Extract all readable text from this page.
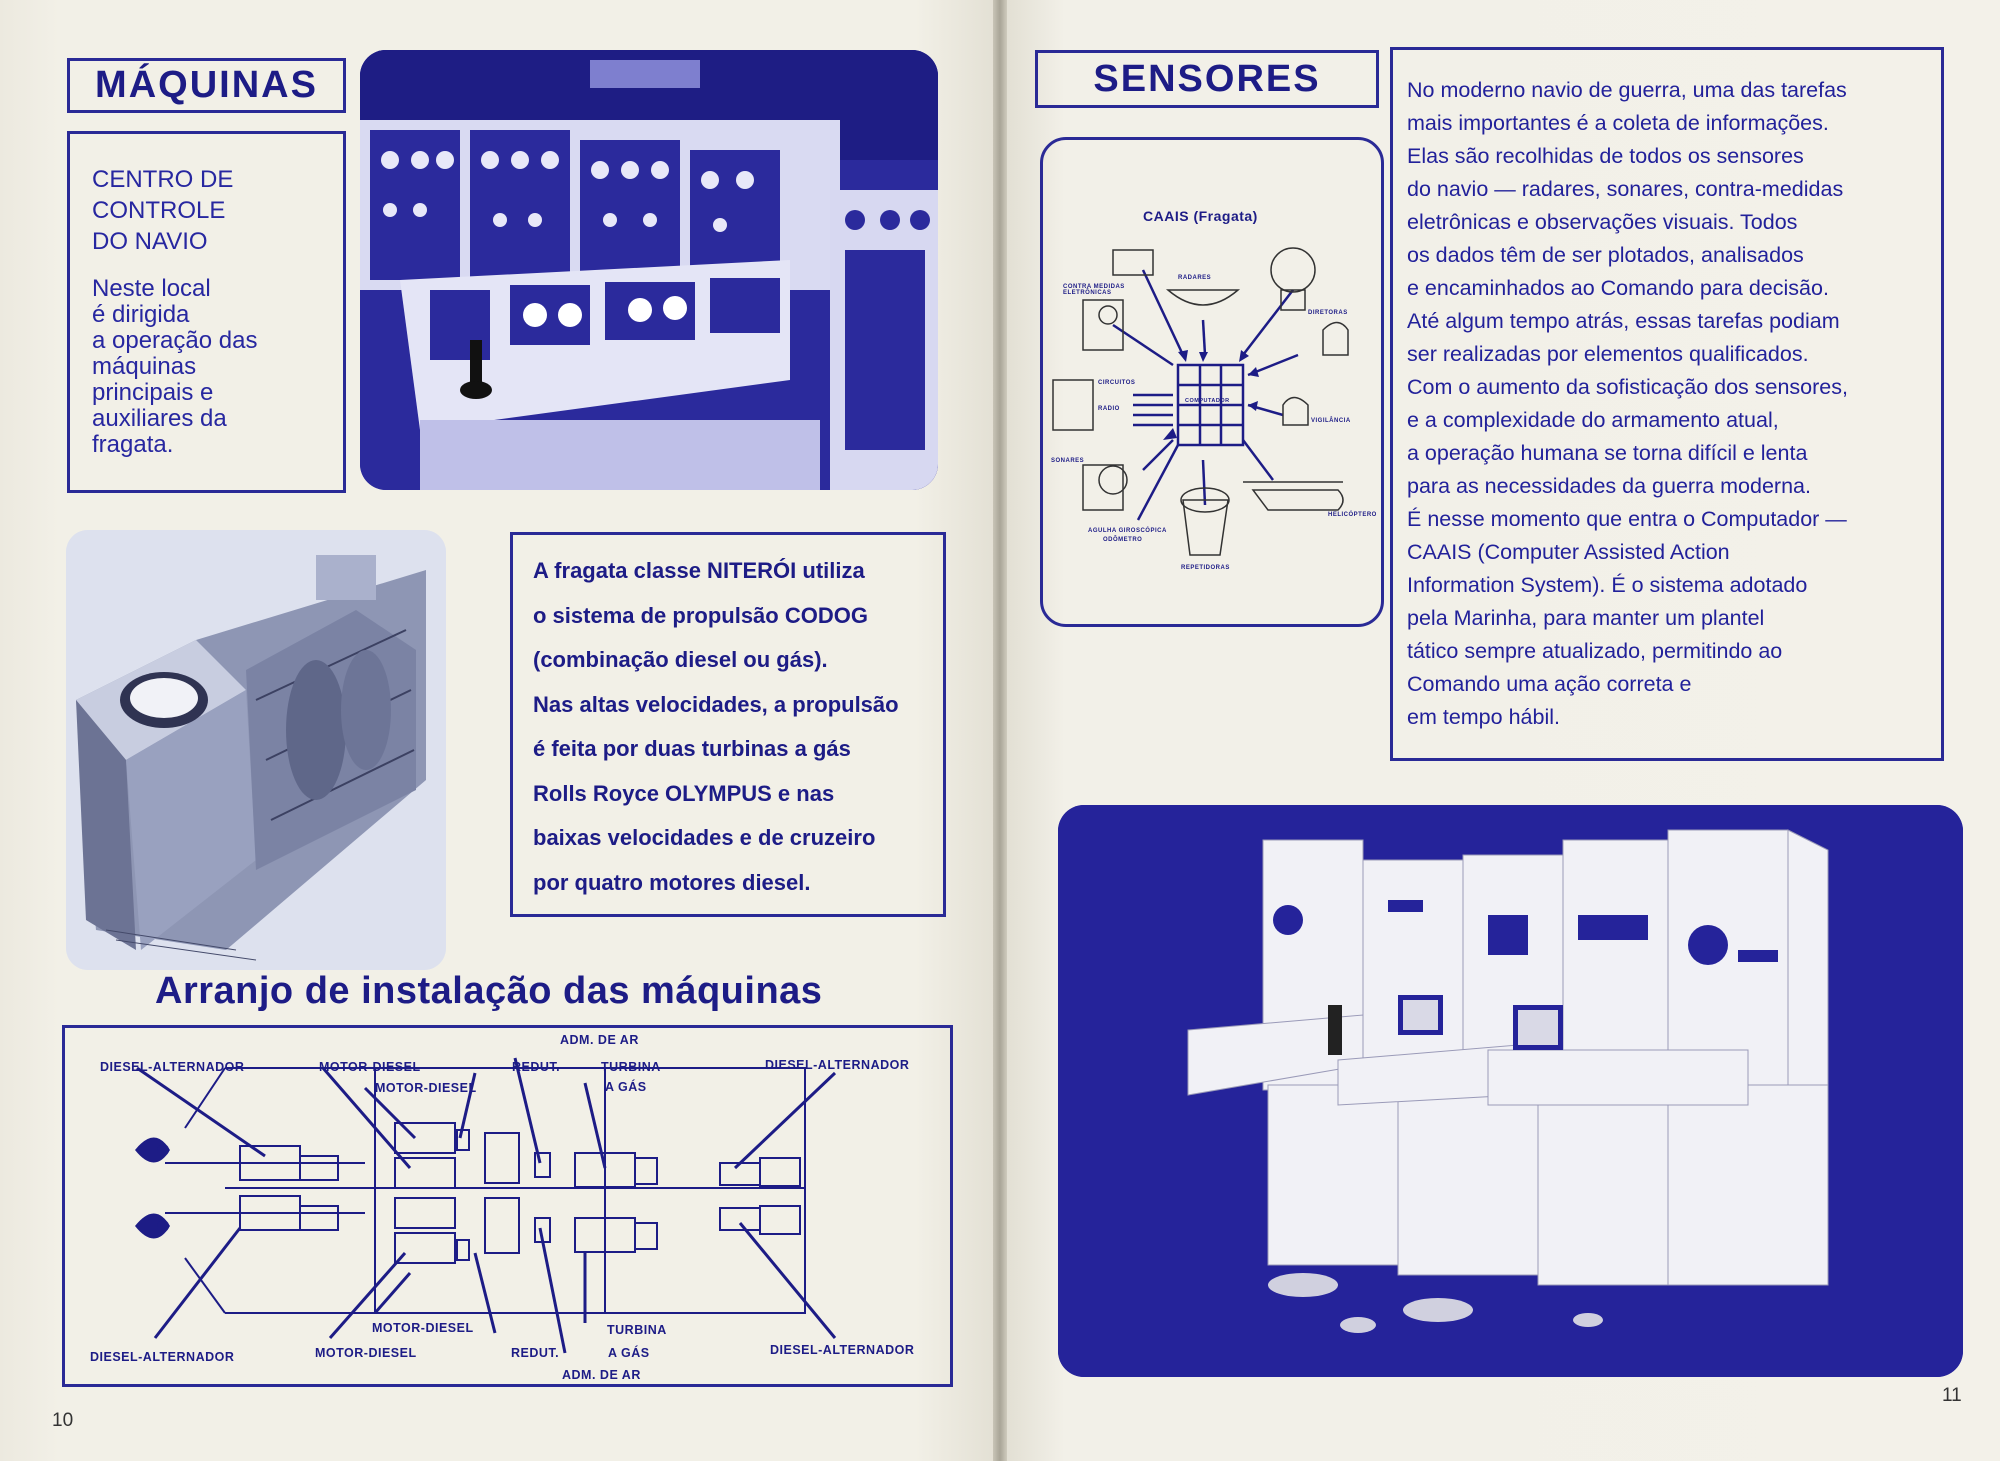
MÁQUINAS
CENTRO DE
CONTROLE
DO NAVIO
Neste local
é dirigida
a operação das
máquinas
principais e
auxiliares da
fragata.
A fragata classe NITERÓI utiliza
o sistema de propulsão CODOG
(combinação diesel ou gás).
Nas altas velocidades, a propulsão
é feita por duas turbinas a gás
Rolls Royce OLYMPUS e nas
baixas velocidades e de cruzeiro
por quatro motores diesel.
Arranjo de instalação das máquinas
DIESEL-ALTERNADOR	MOTOR-DIESEL
MOTOR-DIESEL
REDUT.
ADM. DE AR
TURBINA
A GÁS
DIESEL-ALTERNADOR
MOTOR-DIESEL
MOTOR-DIESEL	REDUT.
TURBINA
A GÁS
ADM. DE AR
DIESEL-ALTERNADOR	DIESEL-ALTERNADOR
10
SENSORES
CAAIS (Fragata)
RADARES
CONTRA MEDIDAS ELETRÔNICAS
DIRETORAS
CIRCUITOS
RADIO
COMPUTADOR
VIGILÂNCIA
SONARES
HELICÓPTERO
AGULHA GIROSCÓPICA
ODÔMETRO
REPETIDORAS
No moderno navio de guerra, uma das tarefas
mais importantes é a coleta de informações.
Elas são recolhidas de todos os sensores
do navio — radares, sonares, contra-medidas
eletrônicas e observações visuais. Todos
os dados têm de ser plotados, analisados
e encaminhados ao Comando para decisão.
Até algum tempo atrás, essas tarefas podiam
ser realizadas por elementos qualificados.
Com o aumento da sofisticação dos sensores,
e a complexidade do armamento atual,
a operação humana se torna difícil e lenta
para as necessidades da guerra moderna.
É nesse momento que entra o Computador —
CAAIS (Computer Assisted Action
Information System). É o sistema adotado
pela Marinha, para manter um plantel
tático sempre atualizado, permitindo ao
Comando uma ação correta e
em tempo hábil.
11
